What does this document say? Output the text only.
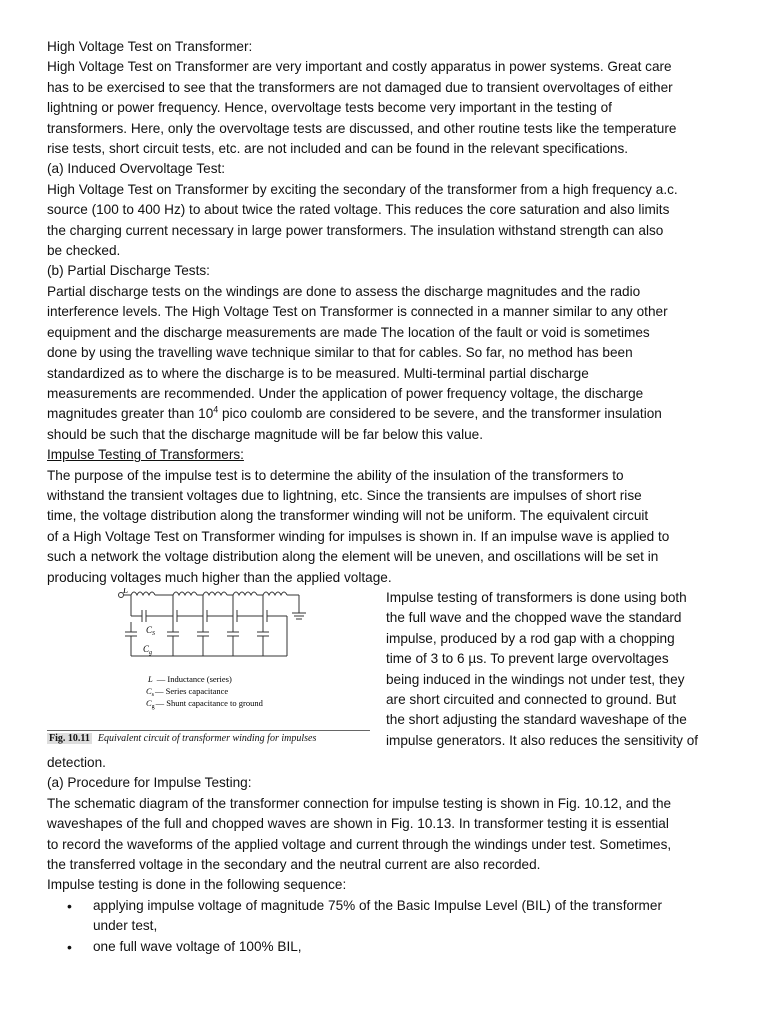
High Voltage Test on Transformer:
High Voltage Test on Transformer are very important and costly apparatus in power systems. Great care
has to be exercised to see that the transformers are not damaged due to transient overvoltages of either
lightning or power frequency. Hence, overvoltage tests become very important in the testing of
transformers. Here, only the overvoltage tests are discussed, and other routine tests like the temperature
rise tests, short circuit tests, etc. are not included and can be found in the relevant specifications.
(a) Induced Overvoltage Test:
High Voltage Test on Transformer by exciting the secondary of the transformer from a high frequency a.c.
source (100 to 400 Hz) to about twice the rated voltage. This reduces the core saturation and also limits
the charging current necessary in large power transformers. The insulation withstand strength can also
be checked.
(b) Partial Discharge Tests:
Partial discharge tests on the windings are done to assess the discharge magnitudes and the radio
interference levels. The High Voltage Test on Transformer is connected in a manner similar to any other
equipment and the discharge measurements are made The location of the fault or void is sometimes
done by using the travelling wave technique similar to that for cables. So far, no method has been
standardized as to where the discharge is to be measured. Multi-terminal partial discharge
measurements are recommended. Under the application of power frequency voltage, the discharge
magnitudes greater than $10^4$ pico coulomb are considered to be severe, and the transformer insulation
should be such that the discharge magnitude will be far below this value.
Impulse Testing of Transformers:
The purpose of the impulse test is to determine the ability of the insulation of the transformers to
withstand the transient voltages due to lightning, etc. Since the transients are impulses of short rise
time, the voltage distribution along the transformer winding will not be uniform. The equivalent circuit
of a High Voltage Test on Transformer winding for impulses is shown in. If an impulse wave is applied to
such a network the voltage distribution along the element will be uneven, and oscillations will be set in
producing voltages much higher than the applied voltage.
L
$C_S$
$C_g$
L — Inductance (series)
$C_s—$ Series capacitance
$C_g—$ Shunt capacitance to ground
Fig. 10.11 Equivalent circuit of transformer winding for impulses
Impulse testing of transformers is done using both
the full wave and the chopped wave the standard
impulse, produced by a rod gap with a chopping
time of 3 to 6 µs. To prevent large overvoltages
being induced in the windings not under test, they
are short circuited and connected to ground. But
the short adjusting the standard waveshape of the
impulse generators. It also reduces the sensitivity of
detection.
(a) Procedure for Impulse Testing:
The schematic diagram of the transformer connection for impulse testing is shown in Fig. 10.12, and the
waveshapes of the full and chopped waves are shown in Fig. 10.13. In transformer testing it is essential
to record the waveforms of the applied voltage and current through the windings under test. Sometimes,
the transferred voltage in the secondary and the neutral current are also recorded.
Impulse testing is done in the following sequence:
• applying impulse voltage of magnitude 75% of the Basic Impulse Level (BIL) of the transformer
under test,
• one full wave voltage of 100% BIL,
